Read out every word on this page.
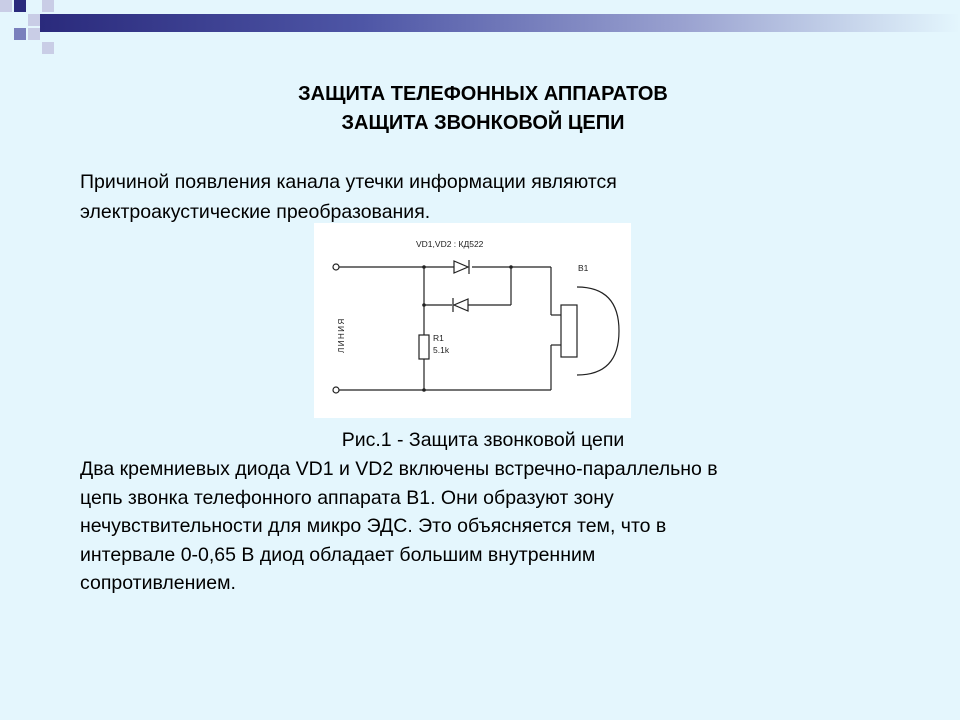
ЗАЩИТА ТЕЛЕФОННЫХ АППАРАТОВ
ЗАЩИТА ЗВОНКОВОЙ ЦЕПИ
Причиной появления канала утечки информации являются
электроакустические преобразования.
VD1,VD2 : КД522
B1
R1
5.1k
ЛИНИЯ
Рис.1 - Защита звонковой цепи
Два кремниевых диода VD1 и VD2 включены встречно-параллельно в
цепь звонка телефонного аппарата В1. Они образуют зону
нечувствительности для микро ЭДС. Это объясняется тем, что в
интервале 0-0,65 В диод обладает большим внутренним
сопротивлением.
